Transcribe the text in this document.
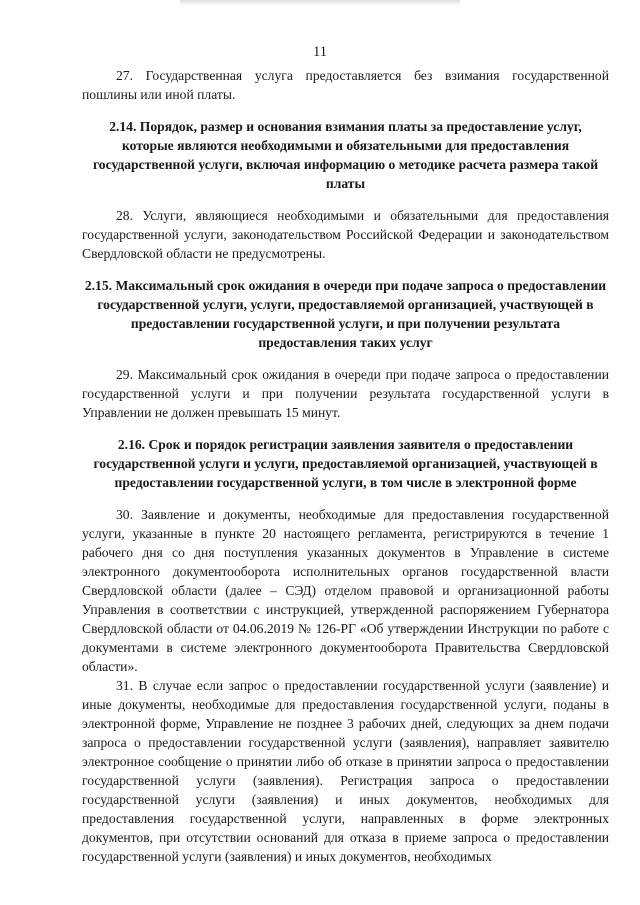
11

27. Государственная услуга предоставляется без взимания государственной пошлины или иной платы.

2.14. Порядок, размер и основания взимания платы за предоставление услуг, которые являются необходимыми и обязательными для предоставления государственной услуги, включая информацию о методике расчета размера такой платы

28. Услуги, являющиеся необходимыми и обязательными для предоставления государственной услуги, законодательством Российской Федерации и законодательством Свердловской области не предусмотрены.

2.15. Максимальный срок ожидания в очереди при подаче запроса о предоставлении государственной услуги, услуги, предоставляемой организацией, участвующей в предоставлении государственной услуги, и при получении результата предоставления таких услуг

29. Максимальный срок ожидания в очереди при подаче запроса о предоставлении государственной услуги и при получении результата государственной услуги в Управлении не должен превышать 15 минут.

2.16. Срок и порядок регистрации заявления заявителя о предоставлении государственной услуги и услуги, предоставляемой организацией, участвующей в предоставлении государственной услуги, в том числе в электронной форме

30. Заявление и документы, необходимые для предоставления государственной услуги, указанные в пункте 20 настоящего регламента, регистрируются в течение 1 рабочего дня со дня поступления указанных документов в Управление в системе электронного документооборота исполнительных органов государственной власти Свердловской области (далее – СЭД) отделом правовой и организационной работы Управления в соответствии с инструкцией, утвержденной распоряжением Губернатора Свердловской области от 04.06.2019 № 126-РГ «Об утверждении Инструкции по работе с документами в системе электронного документооборота Правительства Свердловской области».

31. В случае если запрос о предоставлении государственной услуги (заявление) и иные документы, необходимые для предоставления государственной услуги, поданы в электронной форме, Управление не позднее 3 рабочих дней, следующих за днем подачи запроса о предоставлении государственной услуги (заявления), направляет заявителю электронное сообщение о принятии либо об отказе в принятии запроса о предоставлении государственной услуги (заявления). Регистрация запроса о предоставлении государственной услуги (заявления) и иных документов, необходимых для предоставления государственной услуги, направленных в форме электронных документов, при отсутствии оснований для отказа в приеме запроса о предоставлении государственной услуги (заявления) и иных документов, необходимых
